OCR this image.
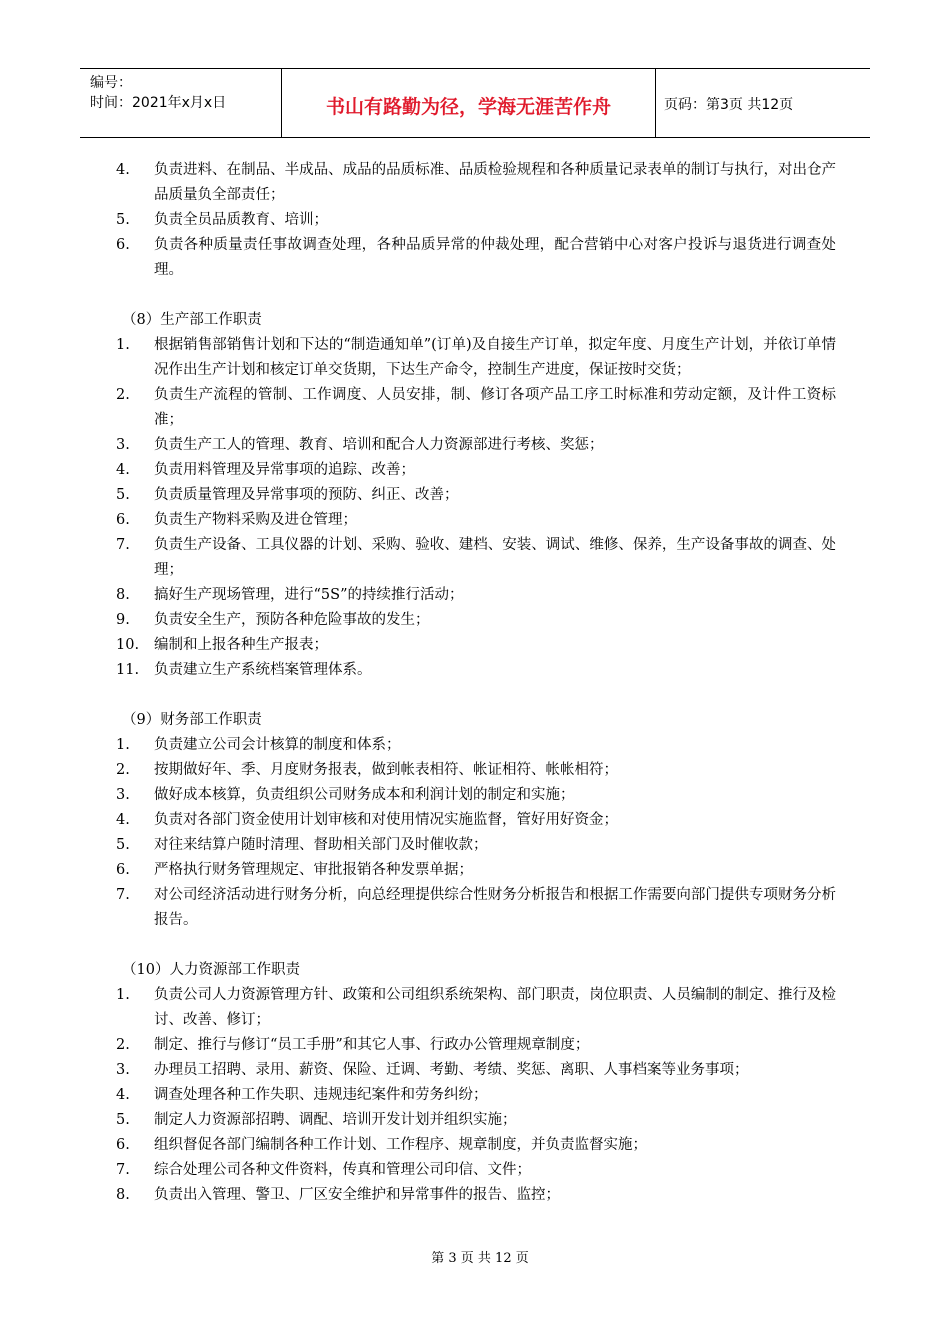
编号：
时间：2021年x月x日	书山有路勤为径，学海无涯苦作舟	页码：第3页 共12页
4.	负责进料、在制品、半成品、成品的品质标准、品质检验规程和各种质量记录表单的制订与执行，对出仓产品质量负全部责任；
5.	负责全员品质教育、培训；
6.	负责各种质量责任事故调查处理，各种品质异常的仲裁处理，配合营销中心对客户投诉与退货进行调查处理。
（8）生产部工作职责
1.	根据销售部销售计划和下达的“制造通知单”(订单)及自接生产订单，拟定年度、月度生产计划，并依订单情况作出生产计划和核定订单交货期，下达生产命令，控制生产进度，保证按时交货；
2.	负责生产流程的管制、工作调度、人员安排，制、修订各项产品工序工时标准和劳动定额，及计件工资标准；
3.	负责生产工人的管理、教育、培训和配合人力资源部进行考核、奖惩；
4.	负责用料管理及异常事项的追踪、改善；
5.	负责质量管理及异常事项的预防、纠正、改善；
6.	负责生产物料采购及进仓管理；
7.	负责生产设备、工具仪器的计划、采购、验收、建档、安装、调试、维修、保养，生产设备事故的调查、处理；
8.	搞好生产现场管理，进行“5S”的持续推行活动；
9.	负责安全生产，预防各种危险事故的发生；
10.	编制和上报各种生产报表；
11.	负责建立生产系统档案管理体系。
（9）财务部工作职责
1.	负责建立公司会计核算的制度和体系；
2.	按期做好年、季、月度财务报表，做到帐表相符、帐证相符、帐帐相符；
3.	做好成本核算，负责组织公司财务成本和利润计划的制定和实施；
4.	负责对各部门资金使用计划审核和对使用情况实施监督，管好用好资金；
5.	对往来结算户随时清理、督助相关部门及时催收款；
6.	严格执行财务管理规定、审批报销各种发票单据；
7.	对公司经济活动进行财务分析，向总经理提供综合性财务分析报告和根据工作需要向部门提供专项财务分析报告。
（10）人力资源部工作职责
1.	负责公司人力资源管理方针、政策和公司组织系统架构、部门职责，岗位职责、人员编制的制定、推行及检讨、改善、修订；
2.	制定、推行与修订“员工手册”和其它人事、行政办公管理规章制度；
3.	办理员工招聘、录用、薪资、保险、迁调、考勤、考绩、奖惩、离职、人事档案等业务事项；
4.	调查处理各种工作失职、违规违纪案件和劳务纠纷；
5.	制定人力资源部招聘、调配、培训开发计划并组织实施；
6.	组织督促各部门编制各种工作计划、工作程序、规章制度，并负责监督实施；
7.	综合处理公司各种文件资料，传真和管理公司印信、文件；
8.	负责出入管理、警卫、厂区安全维护和异常事件的报告、监控；
第 3 页 共 12 页
